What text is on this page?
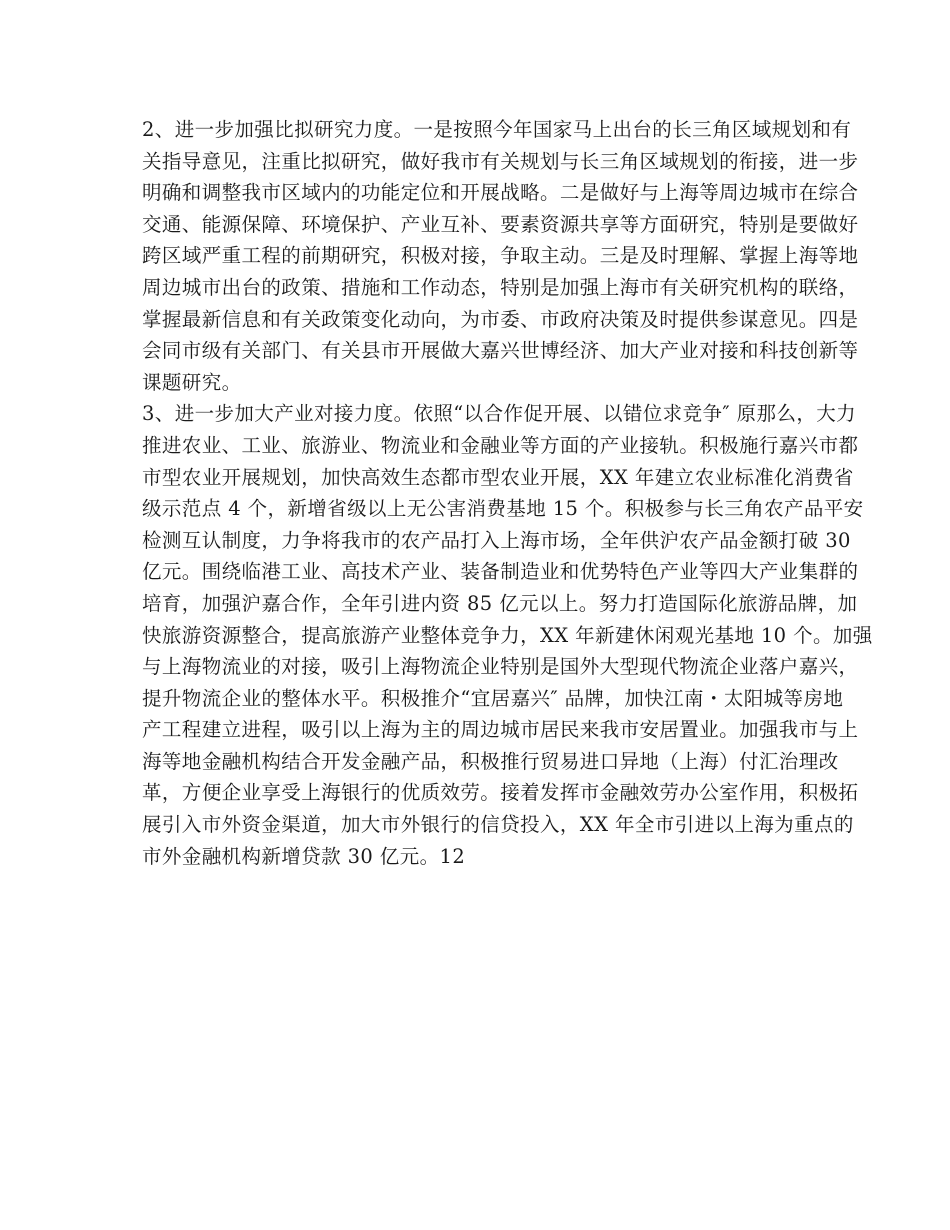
2、进一步加强比拟研究力度。一是按照今年国家马上出台的长三角区域规划和有
关指导意见，注重比拟研究，做好我市有关规划与长三角区域规划的衔接，进一步
明确和调整我市区域内的功能定位和开展战略。二是做好与上海等周边城市在综合
交通、能源保障、环境保护、产业互补、要素资源共享等方面研究，特别是要做好
跨区域严重工程的前期研究，积极对接，争取主动。三是及时理解、掌握上海等地
周边城市出台的政策、措施和工作动态，特别是加强上海市有关研究机构的联络，
掌握最新信息和有关政策变化动向，为市委、市政府决策及时提供参谋意见。四是
会同市级有关部门、有关县市开展做大嘉兴世博经济、加大产业对接和科技创新等
课题研究。
3、进一步加大产业对接力度。依照“以合作促开展、以错位求竞争″ 原那么，大力
推进农业、工业、旅游业、物流业和金融业等方面的产业接轨。积极施行嘉兴市都
市型农业开展规划，加快高效生态都市型农业开展，XX 年建立农业标准化消费省
级示范点 4 个，新增省级以上无公害消费基地 15 个。积极参与长三角农产品平安
检测互认制度，力争将我市的农产品打入上海市场，全年供沪农产品金额打破 30
亿元。围绕临港工业、高技术产业、装备制造业和优势特色产业等四大产业集群的
培育，加强沪嘉合作，全年引进内资 85 亿元以上。努力打造国际化旅游品牌，加
快旅游资源整合，提高旅游产业整体竞争力，XX 年新建休闲观光基地 10 个。加强
与上海物流业的对接，吸引上海物流企业特别是国外大型现代物流企业落户嘉兴，
提升物流企业的整体水平。积极推介“宜居嘉兴″ 品牌，加快江南・太阳城等房地
产工程建立进程，吸引以上海为主的周边城市居民来我市安居置业。加强我市与上
海等地金融机构结合开发金融产品，积极推行贸易进口异地（上海）付汇治理改
革，方便企业享受上海银行的优质效劳。接着发挥市金融效劳办公室作用，积极拓
展引入市外资金渠道，加大市外银行的信贷投入，XX 年全市引进以上海为重点的
市外金融机构新增贷款 30 亿元。12
